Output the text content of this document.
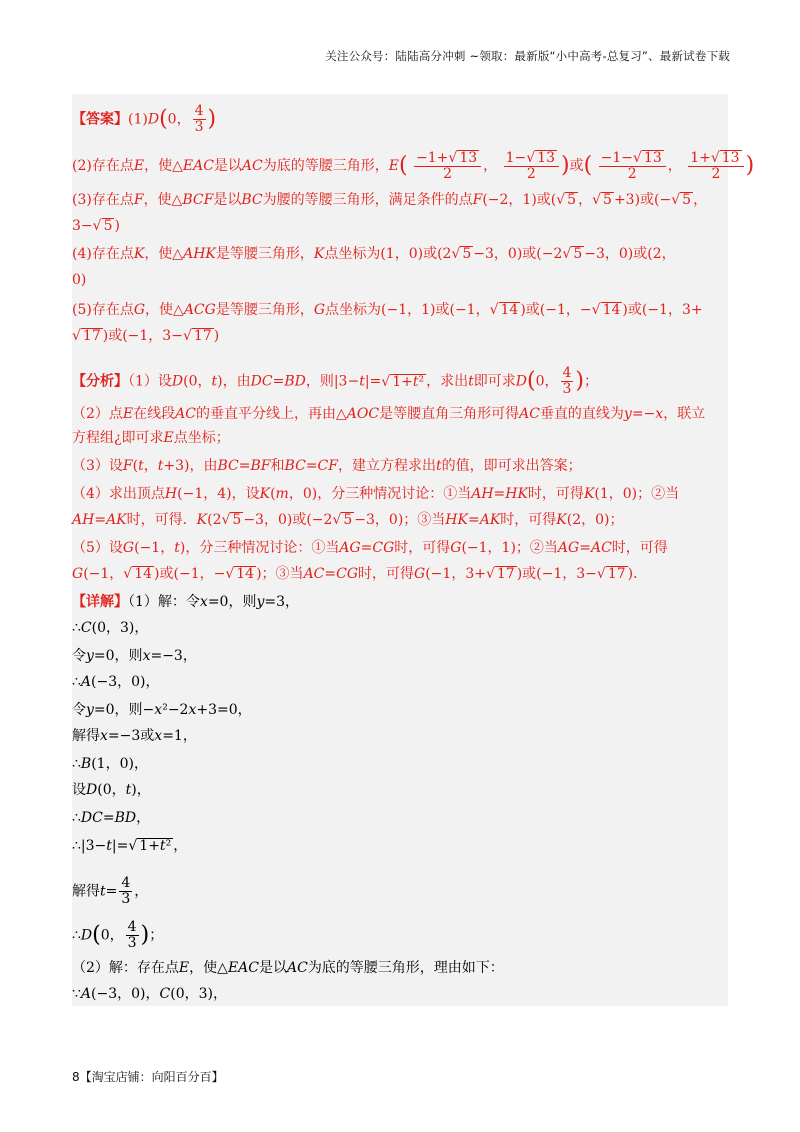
关注公众号：陆陆高分冲刺 ~领取：最新版“小中高考-总复习”、最新试卷下载
【答案】(1)D(0， $\frac{4}{3}$ )
(2)存在点E，使△EAC是以AC为底的等腰三角形，$E( \frac{-1+√ 13}{2}$ ， $\frac{1-√ 13}{2}$ )或( $\frac{-1-√ 13}{2}$ ， $\frac{1+√ 13}{2}$ )
(3)存在点F，使△BCF是以BC为腰的等腰三角形，满足条件的点F(−2，1)或(√ 5 ，√ 5 +3)或(−√ 5 ，
3−√ 5 )
(4)存在点K，使△AHK是等腰三角形，K点坐标为(1，0)或(2√ 5 −3，0)或(−2√ 5 −3，0)或(2，
0)
(5)存在点G，使△ACG是等腰三角形，G点坐标为(−1，1)或(−1，√ 14 )或(−1，−√ 14 )或(−1，3+
√ 17 )或(−1，3−√ 17 )
【分析】（1）设D(0，t)，由DC=BD，则|3−t|=√ 1+t² ，求出t即可求D(0， $\frac{4}{3}$ )；
（2）点E在线段AC的垂直平分线上，再由△AOC是等腰直角三角形可得AC垂直的直线为y=−x，联立
方程组¿即可求E点坐标；
（3）设F(t，t+3)，由BC=BF和BC=CF，建立方程求出t的值，即可求出答案；
（4）求出顶点H(−1，4)，设K(m，0)，分三种情况讨论：①当AH=HK时，可得K(1，0)；②当
AH=AK时，可得．K(2√ 5 −3，0)或(−2√ 5 −3，0)；③当HK=AK时，可得K(2，0)；
（5）设G(−1，t)，分三种情况讨论：①当AG=CG时，可得G(−1，1)；②当AG=AC时，可得
G(−1，√ 14 )或(−1，−√ 14 )；③当AC=CG时，可得G(−1，3+√ 17 )或(−1，3−√ 17 )．
【详解】（1）解：令x=0，则y=3，
∴C(0，3)，
令y=0，则x=−3，
∴A(−3，0)，
令y=0，则−x²−2x+3=0，
解得x=−3或x=1，
∴B(1，0)，
设D(0，t)，
∴DC=BD，
∴|3−t|=√ 1+t² ，
解得$t= \frac{4}{3}$ ，
∴D(0， $\frac{4}{3}$ )；
（2）解：存在点E，使△EAC是以AC为底的等腰三角形，理由如下：
∵A(−3，0)，C(0，3)，
8【淘宝店铺：向阳百分百】
